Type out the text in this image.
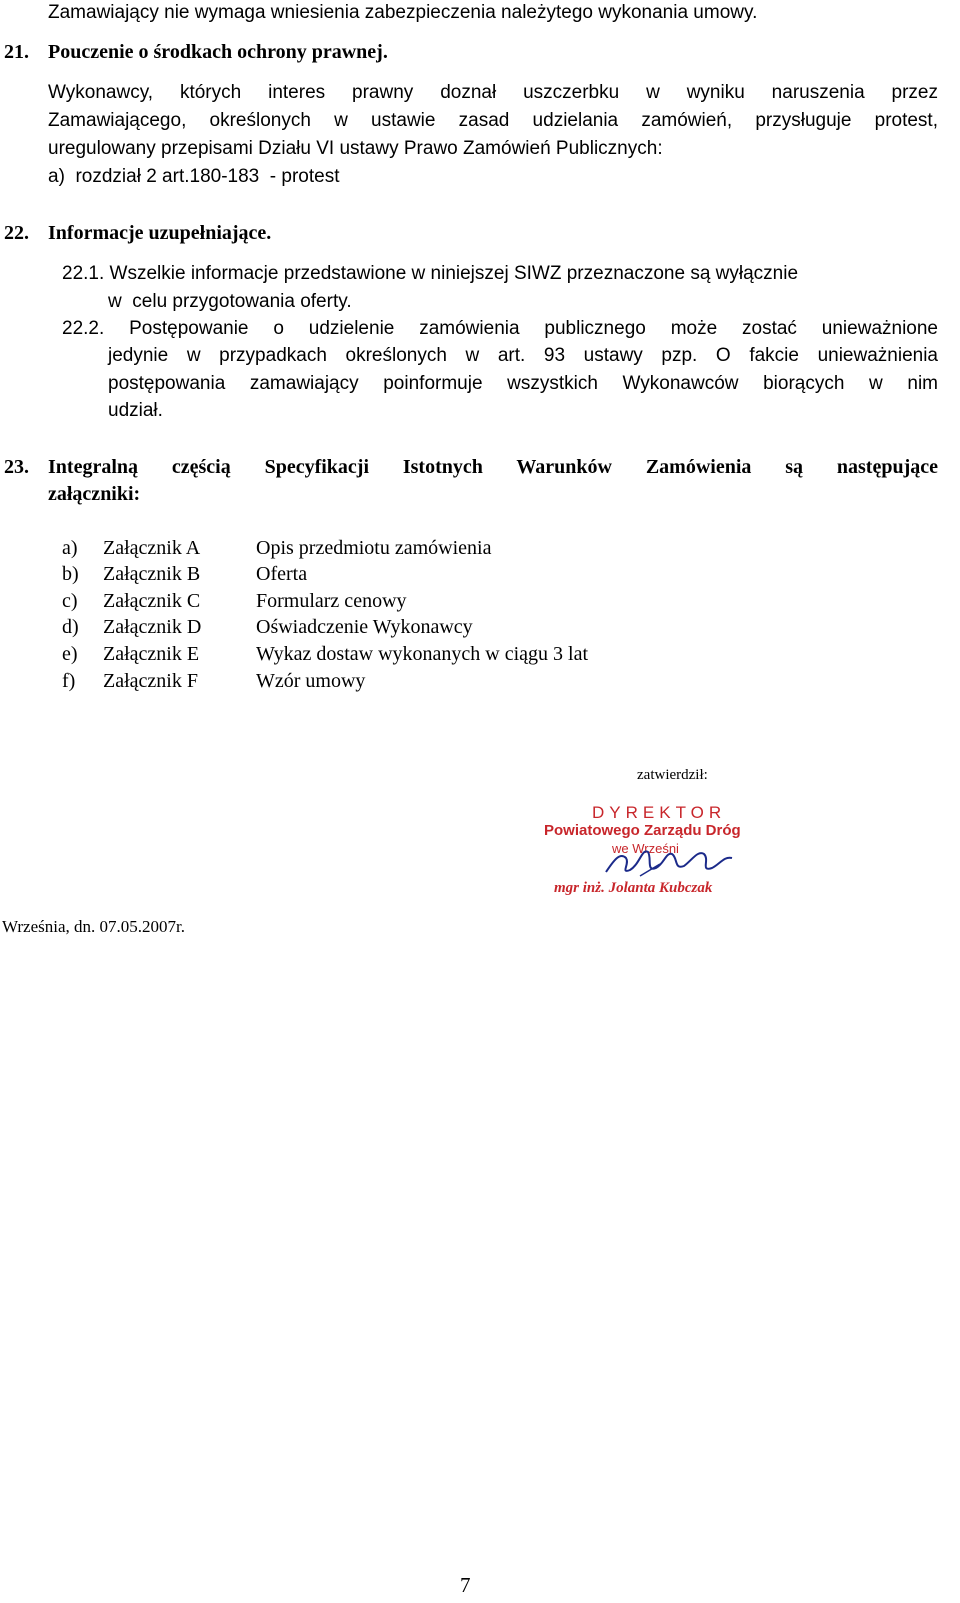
Zamawiający nie wymaga wniesienia zabezpieczenia należytego wykonania umowy.
21. Pouczenie o środkach ochrony prawnej.
Wykonawcy, których interes prawny doznał uszczerbku w wyniku naruszenia przez
Zamawiającego, określonych w ustawie zasad udzielania zamówień, przysługuje protest,
uregulowany przepisami Działu VI ustawy Prawo Zamówień Publicznych:
a)  rozdział 2 art.180-183  - protest
22. Informacje uzupełniające.
22.1. Wszelkie informacje przedstawione w niniejszej SIWZ przeznaczone są wyłącznie
w  celu przygotowania oferty.
22.2. Postępowanie o udzielenie zamówienia publicznego może zostać unieważnione
jedynie w przypadkach określonych w art. 93 ustawy pzp. O fakcie unieważnienia
postępowania zamawiający poinformuje wszystkich Wykonawców biorących w nim
udział.
23. Integralną częścią Specyfikacji Istotnych Warunków Zamówienia są następujące
załączniki:
a) Załącznik A	Opis przedmiotu zamówienia
b) Załącznik B	Oferta
c) Załącznik C	Formularz cenowy
d) Załącznik D	Oświadczenie Wykonawcy
e) Załącznik E	Wykaz dostaw wykonanych w ciągu 3 lat
f) Załącznik F	Wzór umowy
zatwierdził:
DYREKTOR
Powiatowego Zarządu Dróg
we Wrześni
mgr inż. Jolanta Kubczak
Września, dn. 07.05.2007r.
7
